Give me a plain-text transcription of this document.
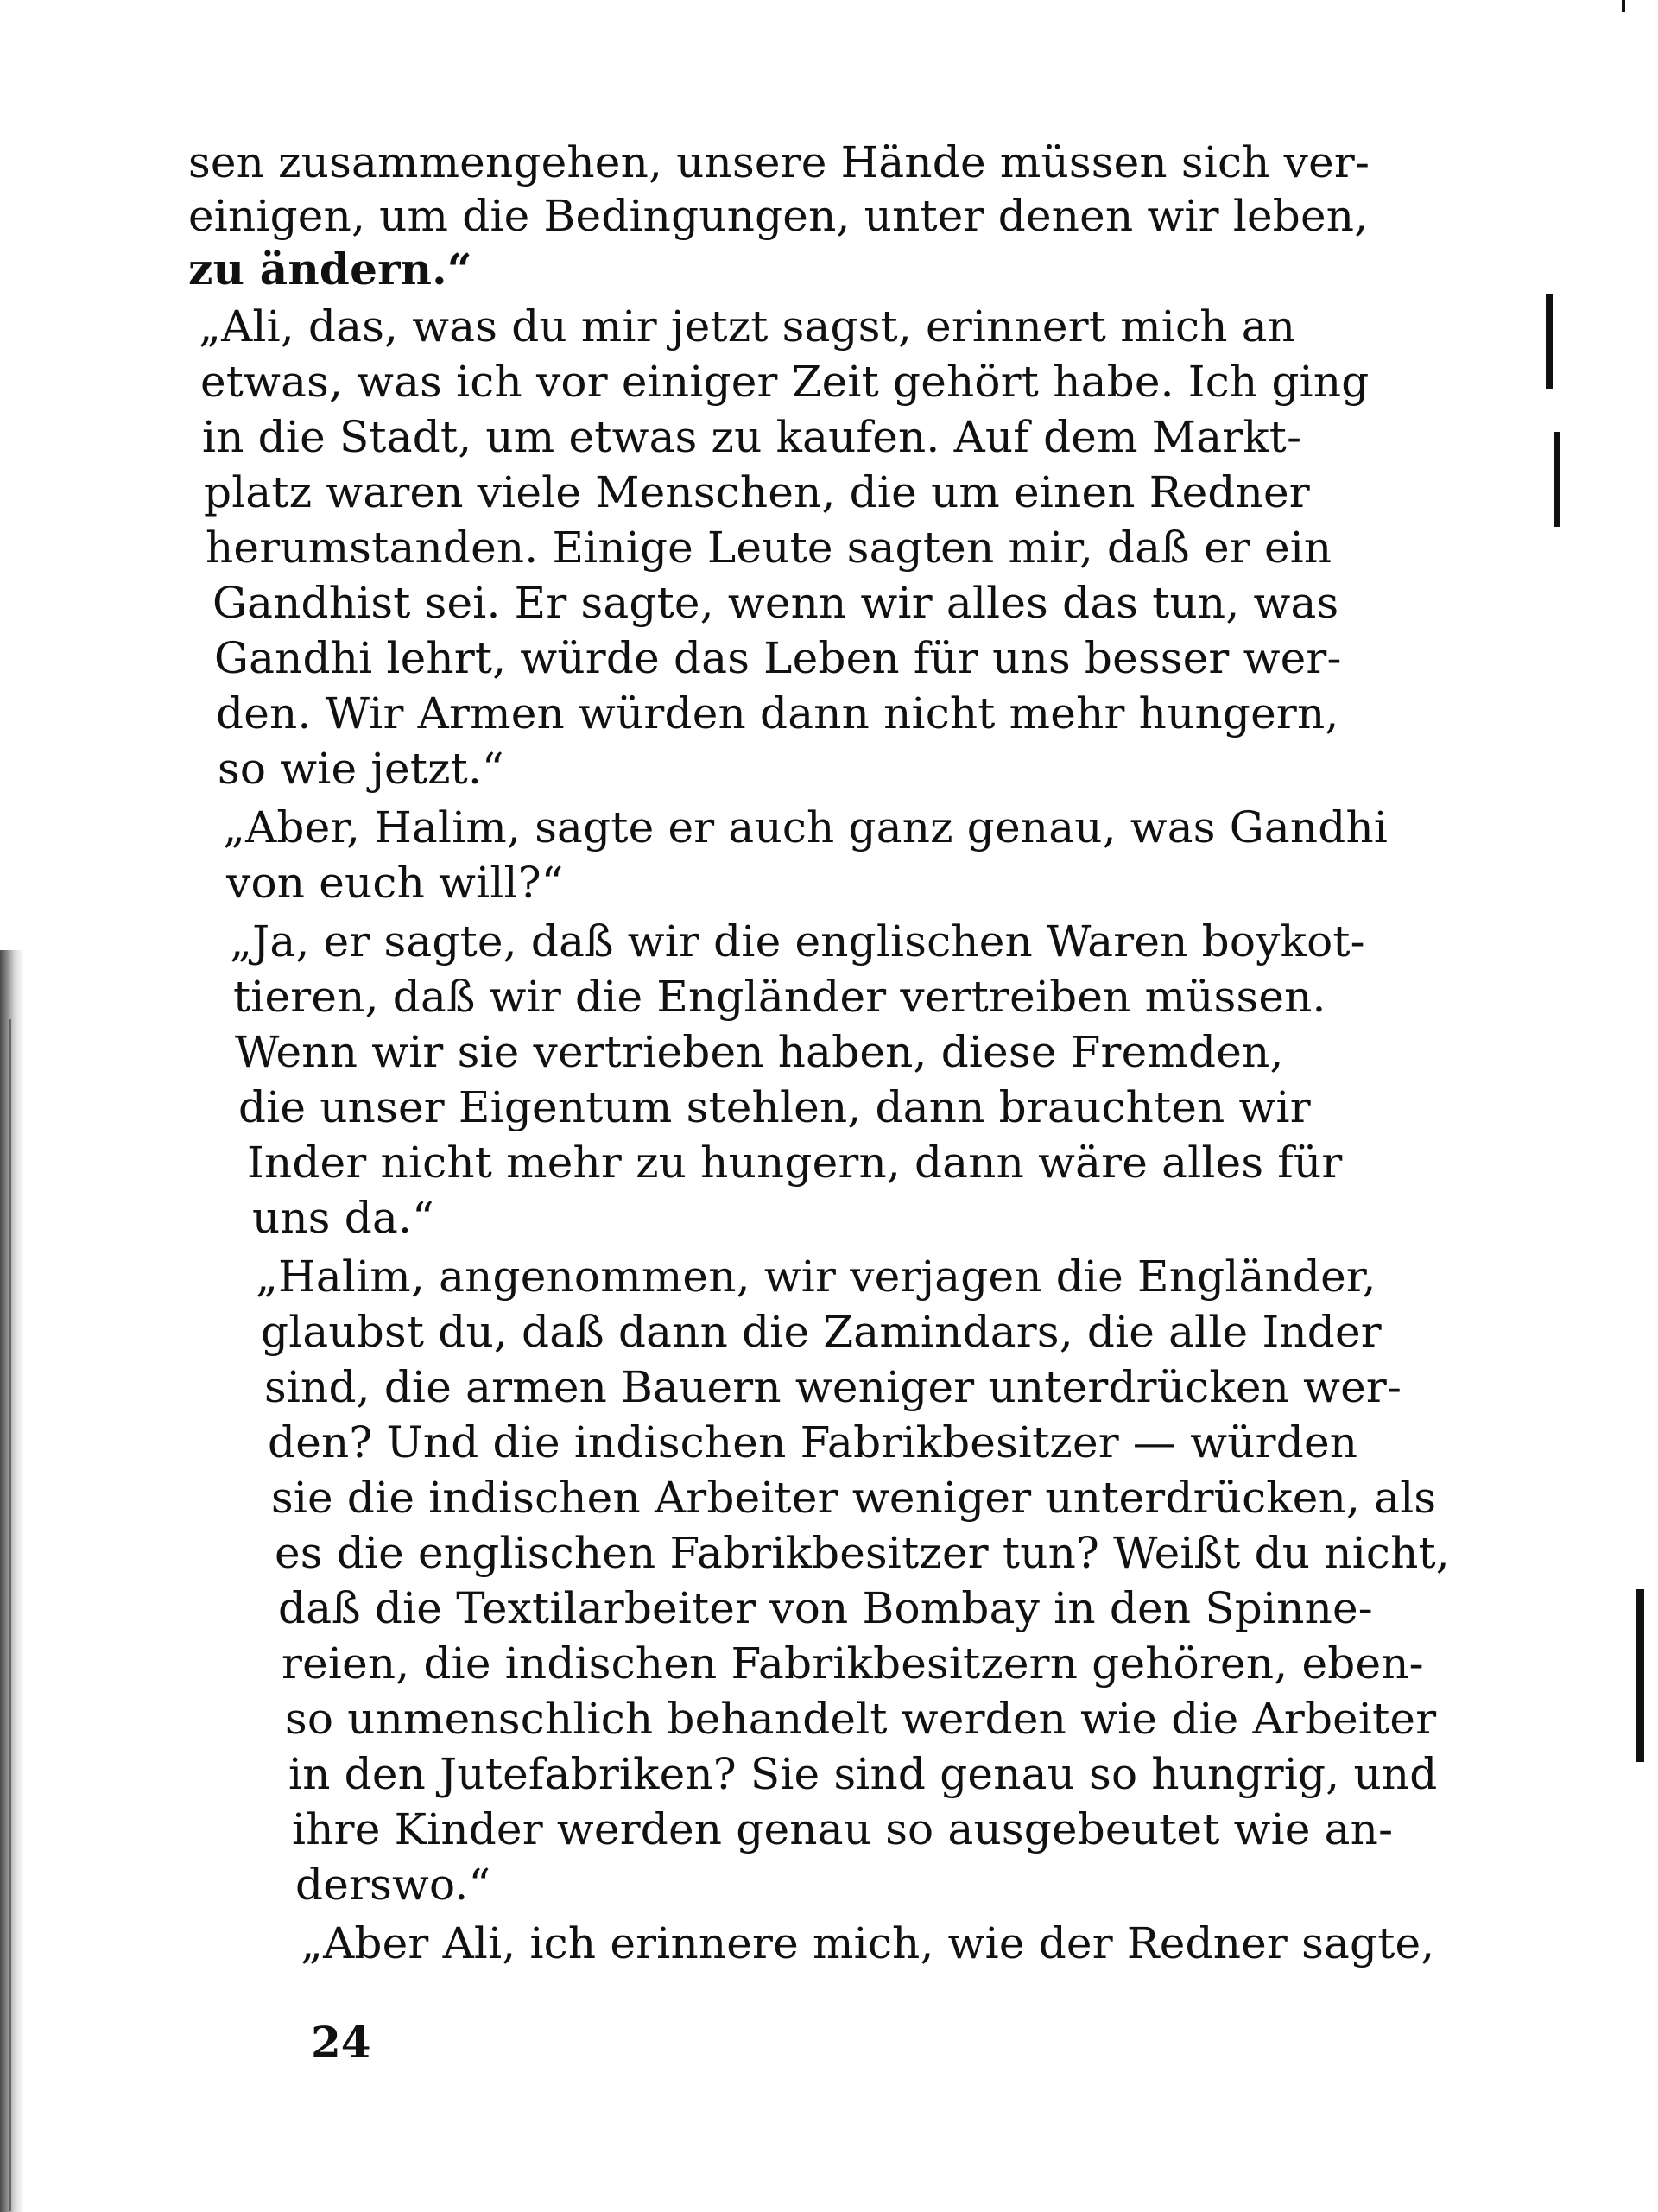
sen zusammengehen, unsere Hände müssen sich ver-
einigen, um die Bedingungen, unter denen wir leben,
zu ändern.“
„Ali, das, was du mir jetzt sagst, erinnert mich an
etwas, was ich vor einiger Zeit gehört habe. Ich ging
in die Stadt, um etwas zu kaufen. Auf dem Markt-
platz waren viele Menschen, die um einen Redner
herumstanden. Einige Leute sagten mir, daß er ein
Gandhist sei. Er sagte, wenn wir alles das tun, was
Gandhi lehrt, würde das Leben für uns besser wer-
den. Wir Armen würden dann nicht mehr hungern,
so wie jetzt.“
„Aber, Halim, sagte er auch ganz genau, was Gandhi
von euch will?“
„Ja, er sagte, daß wir die englischen Waren boykot-
tieren, daß wir die Engländer vertreiben müssen.
Wenn wir sie vertrieben haben, diese Fremden,
die unser Eigentum stehlen, dann brauchten wir
Inder nicht mehr zu hungern, dann wäre alles für
uns da.“
„Halim, angenommen, wir verjagen die Engländer,
glaubst du, daß dann die Zamindars, die alle Inder
sind, die armen Bauern weniger unterdrücken wer-
den? Und die indischen Fabrikbesitzer — würden
sie die indischen Arbeiter weniger unterdrücken, als
es die englischen Fabrikbesitzer tun? Weißt du nicht,
daß die Textilarbeiter von Bombay in den Spinne-
reien, die indischen Fabrikbesitzern gehören, eben-
so unmenschlich behandelt werden wie die Arbeiter
in den Jutefabriken? Sie sind genau so hungrig, und
ihre Kinder werden genau so ausgebeutet wie an-
derswo.“
„Aber Ali, ich erinnere mich, wie der Redner sagte,
24
